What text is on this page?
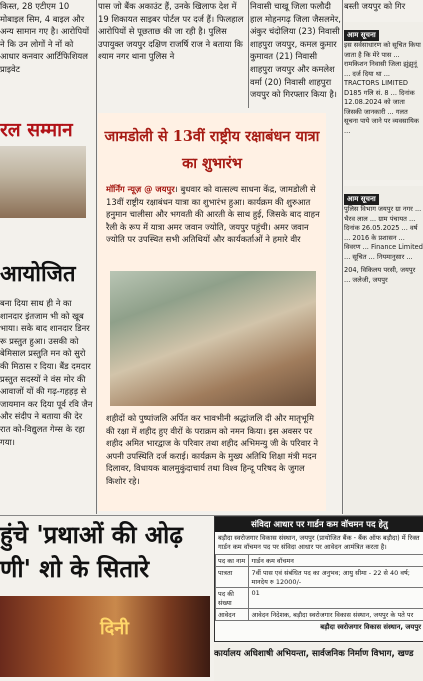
किस्त, 28 एटीएम 10 मोबाइल सिम, 4 बाइल और अन्य सामान गए है। आरोपियों ने कि उन लोगों ने नों को आधार कनवार आर्टिफिशियल प्राइवेट
रल सम्मान
आयोजित
बना दिया साथ ही ने का शानदार इंतजाम भी को खूब भाया। सके बाद शानदार डिनर रू प्रस्तुत हुआ। उसकी को बेमिसाल प्रस्तुति मन को सुरो की मिठास र दिया। बैंड दमदार प्रस्तुत सदस्यों ने वंस मोर की आवाजों यों की गढ़-गहहड़ से जायमान कर दिया पूर्व रवि जैन और संदीप ने बताया की देर रात को-विद्युलत गेम्स के रहा गया।
पास जो बैंक अकाउंट हैं, उनके खिलाफ देश में 19 शिकायत साइबर पोर्टल पर दर्ज हैं। फिलहाल आरोपियों से पूछताछ की जा रही है। पुलिस उपायुक्त जयपुर दक्षिण राजर्षि राज ने बताया कि श्याम नगर थाना पुलिस ने
निवासी चाखू जिला फलौदी हाल मोहनगढ़ जिला जैसलमेर, अंकुर चंदोलिया (23) निवासी शाहपुरा जयपुर, कमल कुमार कुमावत (21) निवासी शाहपुरा जयपुर और कमलेश वर्मा (20) निवासी शाहपुरा जयपुर को गिरफ्तार किया है।
जामडोली से 13वीं राष्ट्रीय रक्षाबंधन यात्रा का शुभारंभ
मॉर्निंग न्यूज़ @ जयपुर। बुधवार को वात्सल्य साधना केंद्र, जामडोली से 13वीं राष्ट्रीय रक्षाबंधन यात्रा का शुभारंभ हुआ। कार्यक्रम की शुरुआत हनुमान चालीसा और भगवती की आरती के साथ हुई, जिसके बाद वाहन रैली के रूप में यात्रा अमर जवान ज्योति, जयपुर पहुंची। अमर जवान ज्योति पर उपस्थित सभी अतिथियों और कार्यकर्ताओं ने हमारे वीर
शहीदों को पुष्पांजलि अर्पित कर भावभीनी श्रद्धांजलि दी और मातृभूमि की रक्षा में शहीद हुए वीरों के पराक्रम को नमन किया। इस अवसर पर शहीद अमित भारद्वाज के परिवार तथा शहीद अभिमन्यु जी के परिवार ने अपनी उपस्थिति दर्ज कराई। कार्यक्रम के मुख्य अतिथि शिक्षा मंत्री मदन दिलावर, विधायक बालमुकुंदाचार्य तथा विश्व हिन्दू परिषद के जुगल किशोर रहे।
बस्ती जयपुर को गिर
आम सूचना
इस सर्वसाधारण को सूचित किया जाता है कि मेरे पास ... रामकिशन निवासी जिला झुंझुनूं ... दर्ज दिया था ... TRACTORS LIMITED D185 गलि सं. 8 ... दिनांक 12.08.2024 को जाता जिसकी जानकारी ... गलत सूचना पाये जाने पर व्यवसायिक ...
आम सूचना
पुलिस विभाग जयपुर ग्रा नगर ... भैरव लाल ... ग्राम पंचायत ... दिनांक 26.05.2025 ... वर्ष ... 2016 के प्रशासन ... विवरण ... Finance Limited ... सूचित ... नियमानुसार ...
204, विकिलय परसी, जयपुर ... जलेजी, जयपुर
हुंचे 'प्रथाओं की ओढ़
णी' शो के सितारे
दिनी
संविदा आधार पर गार्डन कम वॉचमन पद हेतु
बड़ौदा स्वरोजगार विकास संस्थान, जयपुर (प्रायोजित बैंक - बैंक ऑफ बड़ौदा) में रिक्त गार्डन कम वॉचमन पद पर संविदा आधार पर आवेदन आमंत्रित करता है।
पद का नाम	गार्डन कम वॉचमन
पात्रता	7वीं पास एवं संबंधित पद का अनुभव; आयु सीमा - 22 से 40 वर्ष; मानदेय रु 12000/-
पद की संख्या	01
आवेदन	आवेदन निदेशक, बड़ौदा स्वरोजगार विकास संस्थान, जयपुर के पते पर
बड़ौदा स्वरोजगार विकास संस्थान, जयपुर
कार्यालय अधिशाषी अभियन्ता, सार्वजनिक निर्माण विभाग, खण्ड
